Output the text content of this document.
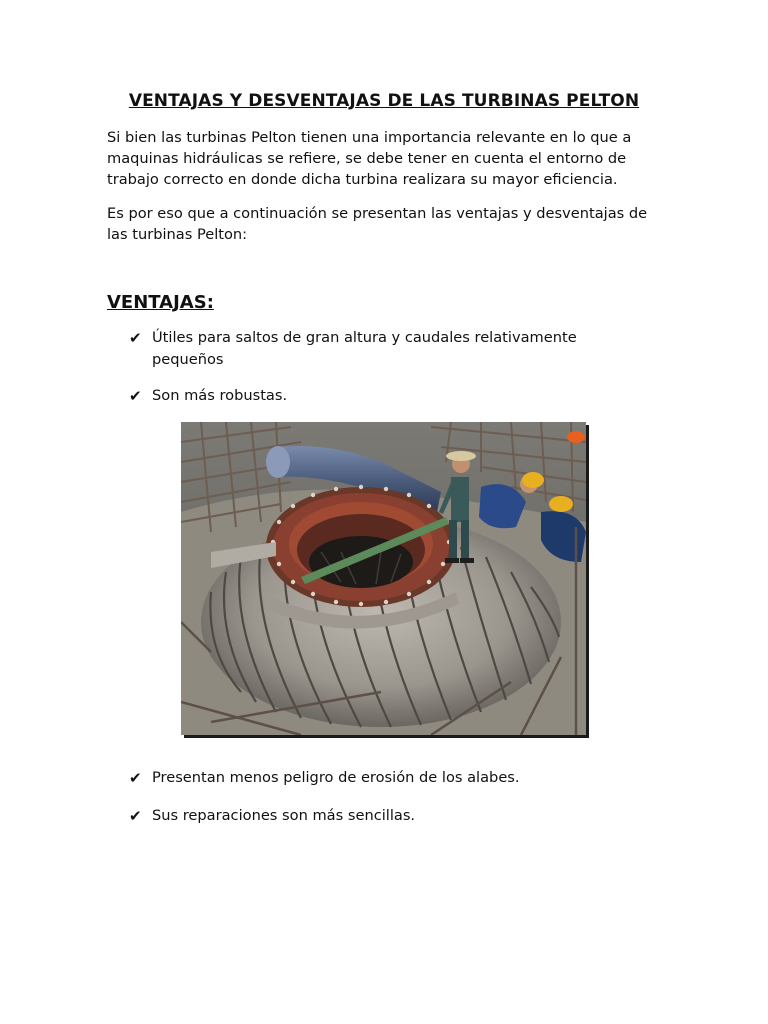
VENTAJAS Y DESVENTAJAS DE LAS TURBINAS PELTON
Si bien las turbinas Pelton tienen una importancia relevante en lo que a maquinas hidráulicas se refiere, se debe tener en cuenta el entorno de trabajo correcto en donde dicha turbina realizara su mayor eficiencia.
Es por eso que a continuación se presentan las ventajas y desventajas de las turbinas Pelton:
VENTAJAS:
✔ Útiles para saltos de gran altura y caudales relativamente pequeños
✔ Son más robustas.
✔ Presentan menos peligro de erosión de los alabes.
✔ Sus reparaciones son más sencillas.
